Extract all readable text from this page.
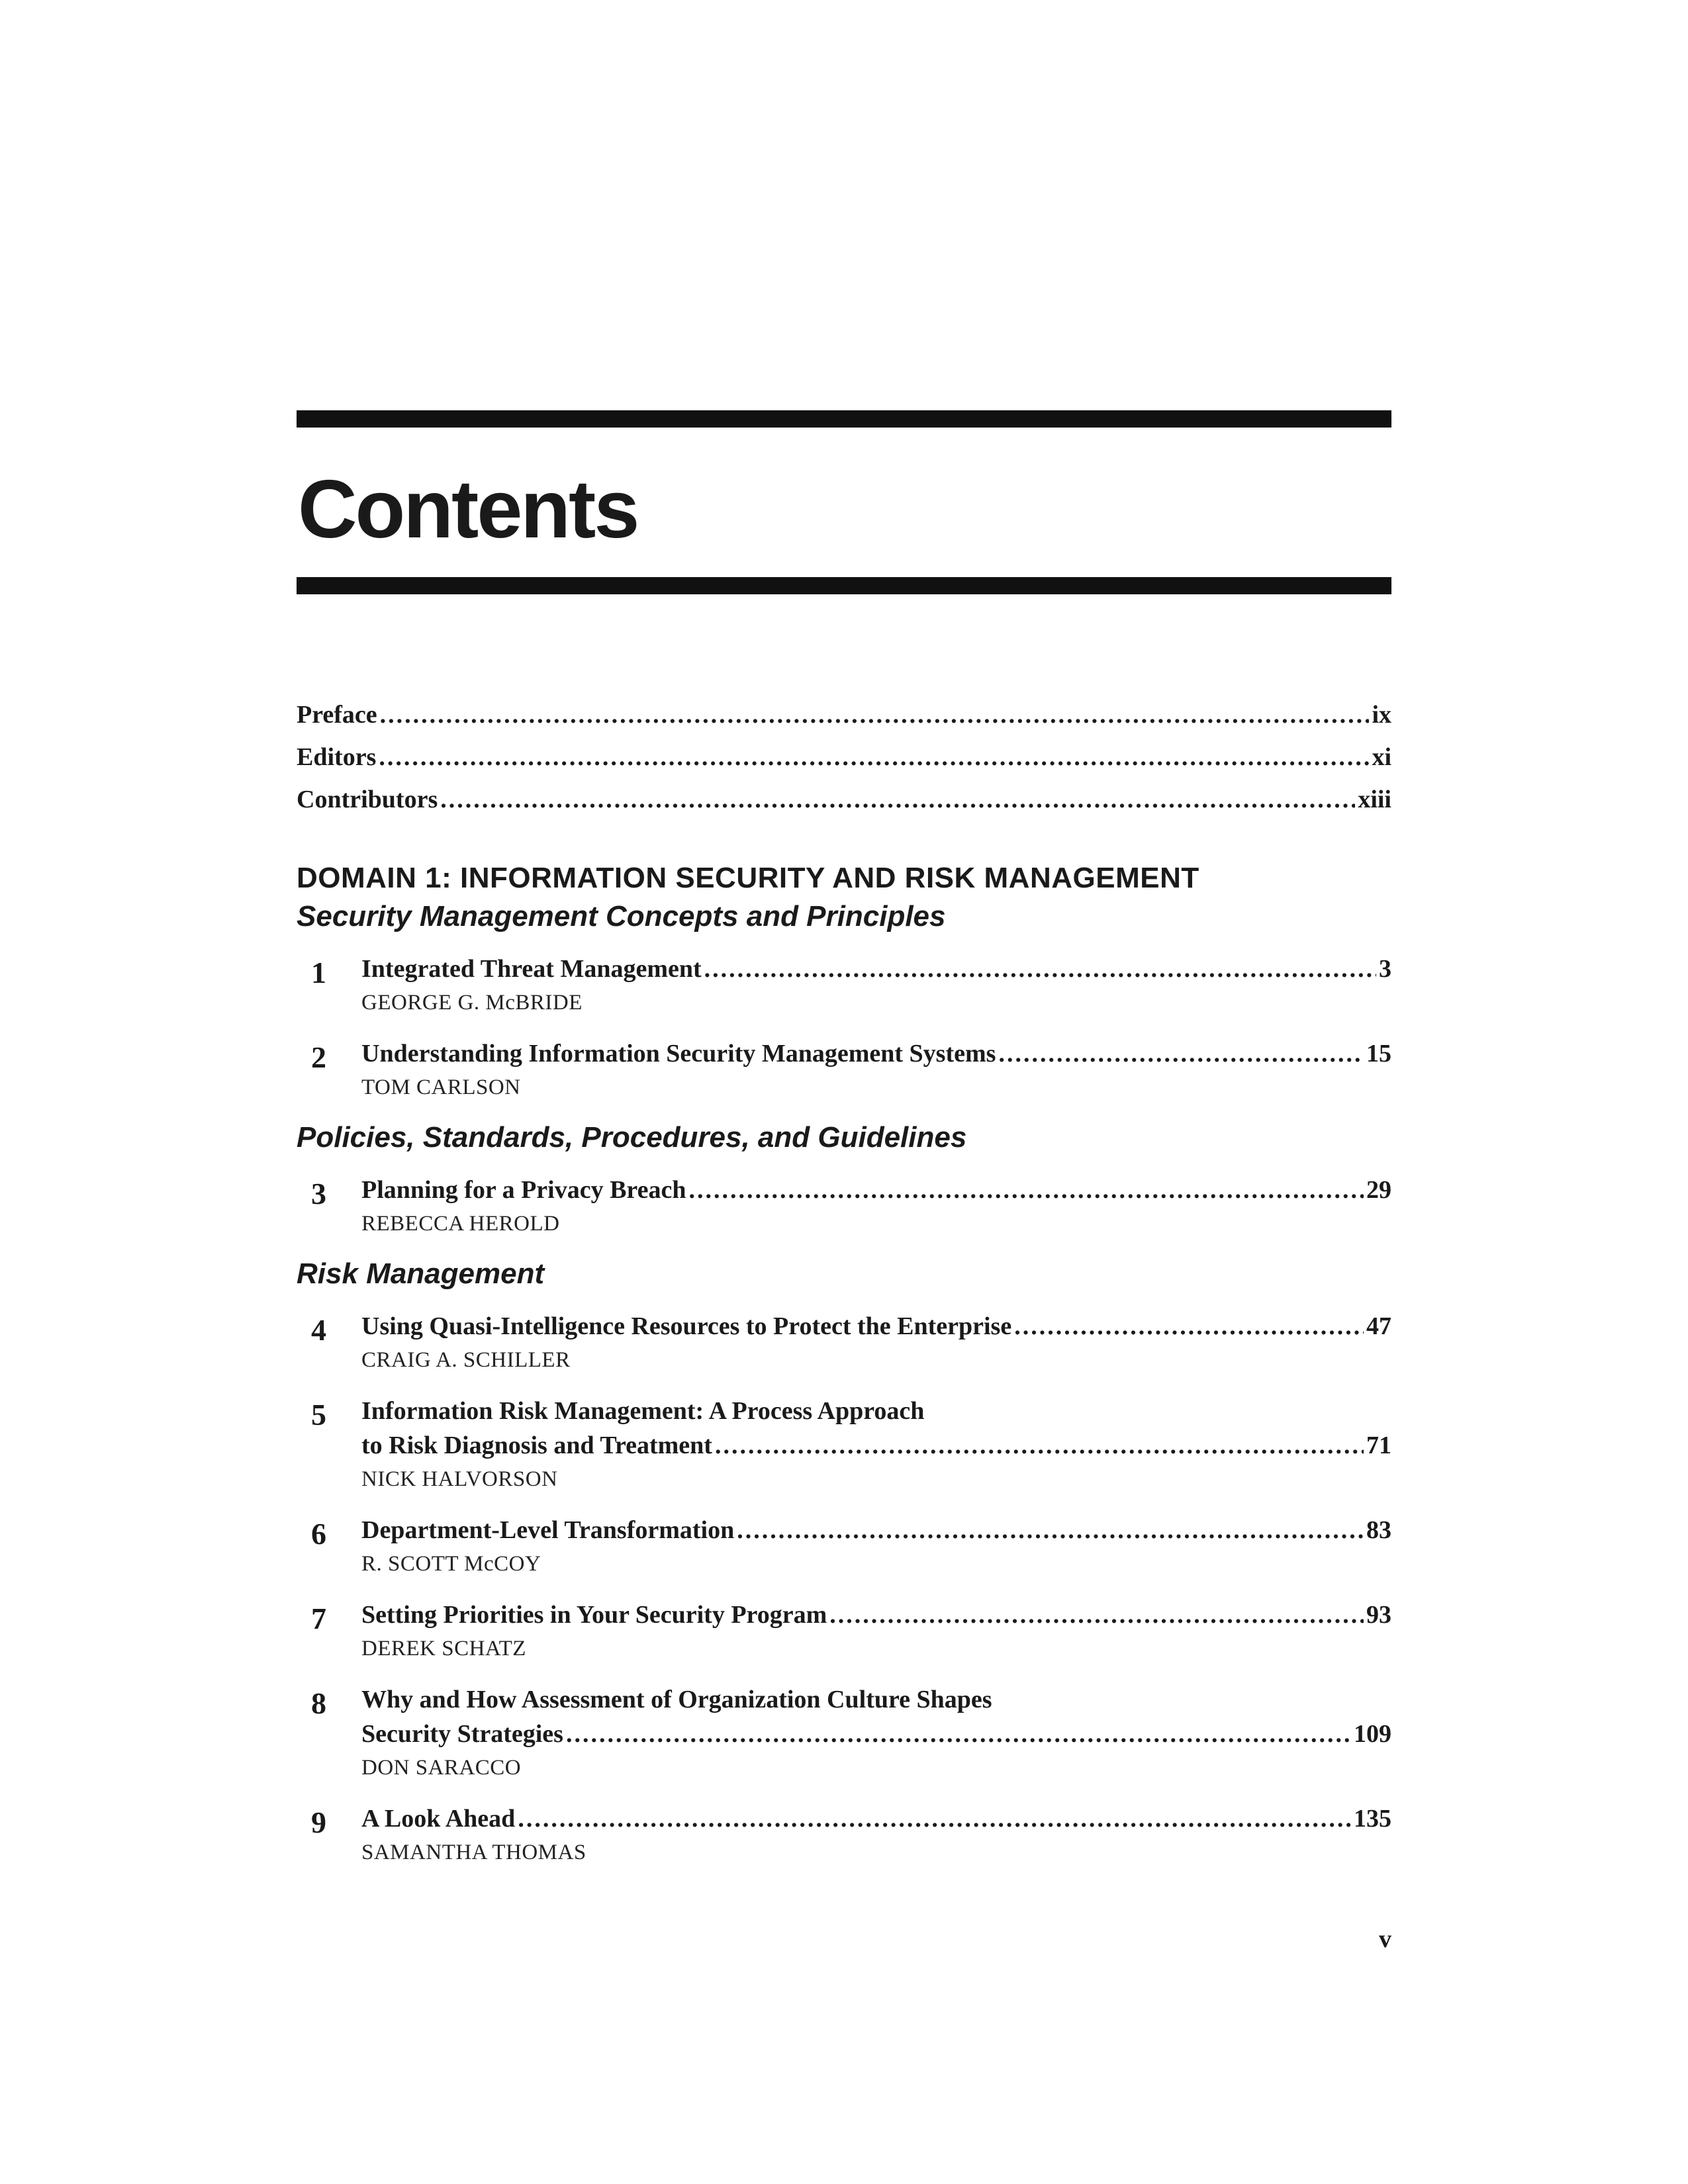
Contents
Preface .....	ix
Editors .....	xi
Contributors .....	xiii
DOMAIN 1: INFORMATION SECURITY AND RISK MANAGEMENT
Security Management Concepts and Principles
1 Integrated Threat Management .....	3
GEORGE G. McBRIDE
2 Understanding Information Security Management Systems .....	15
TOM CARLSON
Policies, Standards, Procedures, and Guidelines
3 Planning for a Privacy Breach .....	29
REBECCA HEROLD
Risk Management
4 Using Quasi-Intelligence Resources to Protect the Enterprise .....	47
CRAIG A. SCHILLER
5 Information Risk Management: A Process Approach
to Risk Diagnosis and Treatment .....	71
NICK HALVORSON
6 Department-Level Transformation .....	83
R. SCOTT McCOY
7 Setting Priorities in Your Security Program .....	93
DEREK SCHATZ
8 Why and How Assessment of Organization Culture Shapes
Security Strategies .....	109
DON SARACCO
9 A Look Ahead .....	135
SAMANTHA THOMAS
v
